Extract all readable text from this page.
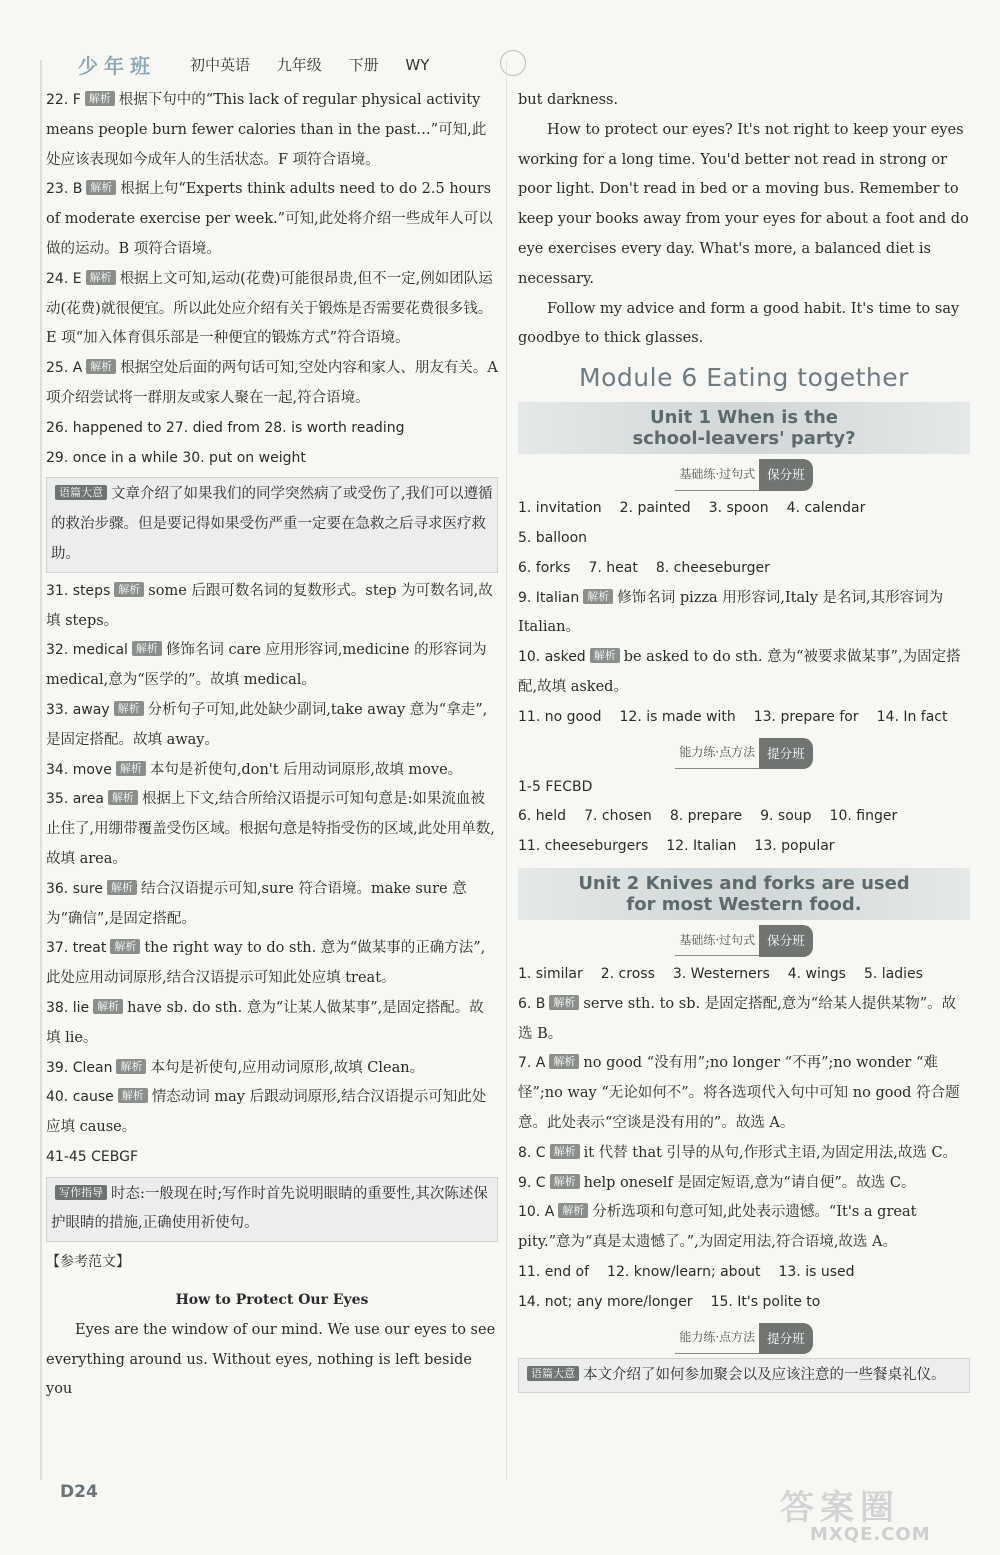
少年班 初中英语 九年级 下册 WY
22. F 解析 根据下句中的“This lack of regular physical activity means people burn fewer calories than in the past…”可知,此处应该表现如今成年人的生活状态。F 项符合语境。
23. B 解析 根据上句“Experts think adults need to do 2.5 hours of moderate exercise per week.”可知,此处将介绍一些成年人可以做的运动。B 项符合语境。
24. E 解析 根据上文可知,运动(花费)可能很昂贵,但不一定,例如团队运动(花费)就很便宜。所以此处应介绍有关于锻炼是否需要花费很多钱。E 项“加入体育俱乐部是一种便宜的锻炼方式”符合语境。
25. A 解析 根据空处后面的两句话可知,空处内容和家人、朋友有关。A 项介绍尝试将一群朋友或家人聚在一起,符合语境。
26. happened to 27. died from 28. is worth reading
29. once in a while 30. put on weight
语篇大意 文章介绍了如果我们的同学突然病了或受伤了,我们可以遵循的救治步骤。但是要记得如果受伤严重一定要在急救之后寻求医疗救助。
31. steps 解析 some 后跟可数名词的复数形式。step 为可数名词,故填 steps。
32. medical 解析 修饰名词 care 应用形容词,medicine 的形容词为 medical,意为“医学的”。故填 medical。
33. away 解析 分析句子可知,此处缺少副词,take away 意为“拿走”,是固定搭配。故填 away。
34. move 解析 本句是祈使句,don't 后用动词原形,故填 move。
35. area 解析 根据上下文,结合所给汉语提示可知句意是:如果流血被止住了,用绷带覆盖受伤区域。根据句意是特指受伤的区域,此处用单数,故填 area。
36. sure 解析 结合汉语提示可知,sure 符合语境。make sure 意为“确信”,是固定搭配。
37. treat 解析 the right way to do sth. 意为“做某事的正确方法”,此处应用动词原形,结合汉语提示可知此处应填 treat。
38. lie 解析 have sb. do sth. 意为“让某人做某事”,是固定搭配。故填 lie。
39. Clean 解析 本句是祈使句,应用动词原形,故填 Clean。
40. cause 解析 情态动词 may 后跟动词原形,结合汉语提示可知此处应填 cause。
41-45 CEBGF
写作指导 时态:一般现在时;写作时首先说明眼睛的重要性,其次陈述保护眼睛的措施,正确使用祈使句。
【参考范文】
How to Protect Our Eyes
Eyes are the window of our mind. We use our eyes to see everything around us. Without eyes, nothing is left beside you
but darkness.
How to protect our eyes? It's not right to keep your eyes working for a long time. You'd better not read in strong or poor light. Don't read in bed or a moving bus. Remember to keep your books away from your eyes for about a foot and do eye exercises every day. What's more, a balanced diet is necessary.
Follow my advice and form a good habit. It's time to say goodbye to thick glasses.
Module 6 Eating together
Unit 1 When is the
school-leavers' party?
基础练·过句式 保分班
1. invitation 2. painted 3. spoon 4. calendar
5. balloon
6. forks 7. heat 8. cheeseburger
9. Italian 解析 修饰名词 pizza 用形容词,Italy 是名词,其形容词为 Italian。
10. asked 解析 be asked to do sth. 意为“被要求做某事”,为固定搭配,故填 asked。
11. no good 12. is made with 13. prepare for 14. In fact
能力练·点方法 提分班
1-5 FECBD
6. held 7. chosen 8. prepare 9. soup 10. finger
11. cheeseburgers 12. Italian 13. popular
Unit 2 Knives and forks are used
for most Western food.
基础练·过句式 保分班
1. similar 2. cross 3. Westerners 4. wings 5. ladies
6. B 解析 serve sth. to sb. 是固定搭配,意为“给某人提供某物”。故选 B。
7. A 解析 no good “没有用”;no longer “不再”;no wonder “难怪”;no way “无论如何不”。将各选项代入句中可知 no good 符合题意。此处表示“空谈是没有用的”。故选 A。
8. C 解析 it 代替 that 引导的从句,作形式主语,为固定用法,故选 C。
9. C 解析 help oneself 是固定短语,意为“请自便”。故选 C。
10. A 解析 分析选项和句意可知,此处表示遗憾。“It's a great pity.”意为“真是太遗憾了。”,为固定用法,符合语境,故选 A。
11. end of 12. know/learn; about 13. is used
14. not; any more/longer 15. It's polite to
能力练·点方法 提分班
语篇大意 本文介绍了如何参加聚会以及应该注意的一些餐桌礼仪。
D24	答案圈
MXQE.COM
